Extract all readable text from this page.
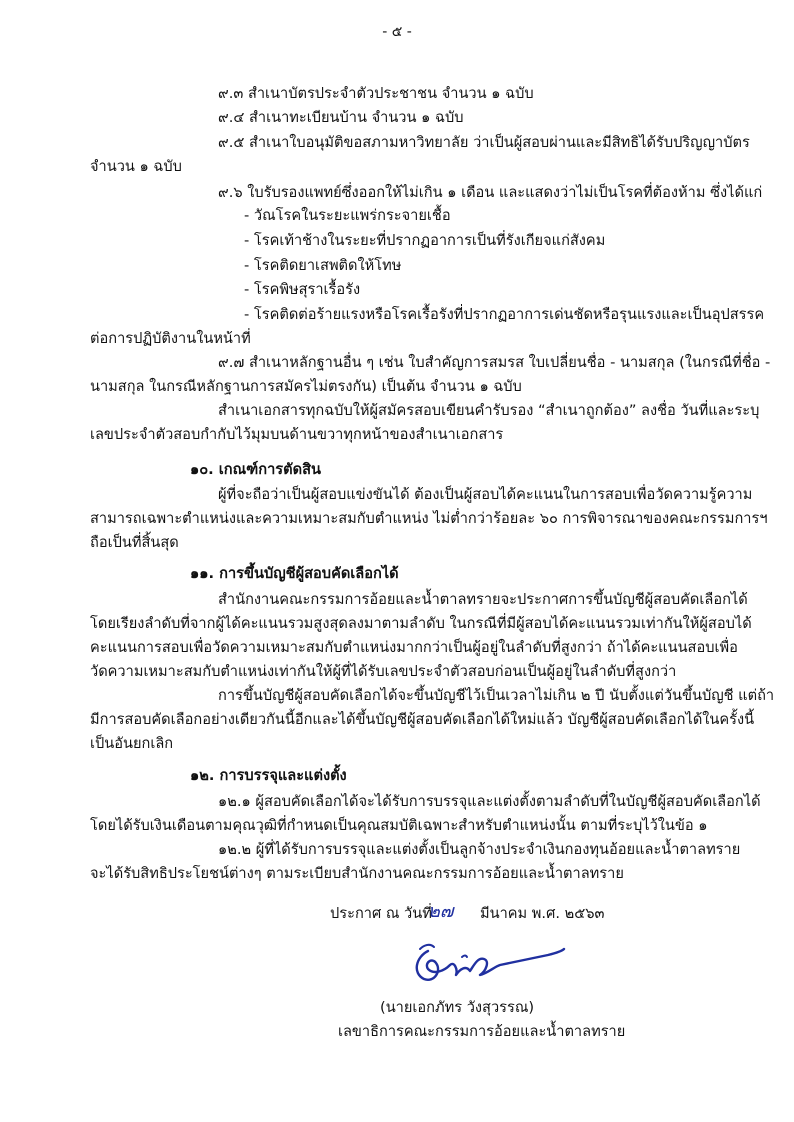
- ๕ -
๙.๓ สำเนาบัตรประจำตัวประชาชน จำนวน ๑ ฉบับ
๙.๔ สำเนาทะเบียนบ้าน จำนวน ๑ ฉบับ
๙.๕ สำเนาใบอนุมัติขอสภามหาวิทยาลัย ว่าเป็นผู้สอบผ่านและมีสิทธิได้รับปริญญาบัตร
จำนวน ๑ ฉบับ
๙.๖ ใบรับรองแพทย์ซึ่งออกให้ไม่เกิน ๑ เดือน และแสดงว่าไม่เป็นโรคที่ต้องห้าม ซึ่งได้แก่
- วัณโรคในระยะแพร่กระจายเชื้อ
- โรคเท้าช้างในระยะที่ปรากฏอาการเป็นที่รังเกียจแก่สังคม
- โรคติดยาเสพติดให้โทษ
- โรคพิษสุราเรื้อรัง
- โรคติดต่อร้ายแรงหรือโรคเรื้อรังที่ปรากฏอาการเด่นชัดหรือรุนแรงและเป็นอุปสรรค
ต่อการปฏิบัติงานในหน้าที่
๙.๗ สำเนาหลักฐานอื่น ๆ เช่น ใบสำคัญการสมรส ใบเปลี่ยนชื่อ - นามสกุล (ในกรณีที่ชื่อ -
นามสกุล ในกรณีหลักฐานการสมัครไม่ตรงกัน) เป็นต้น จำนวน ๑ ฉบับ
สำเนาเอกสารทุกฉบับให้ผู้สมัครสอบเขียนคำรับรอง “สำเนาถูกต้อง” ลงชื่อ วันที่และระบุ
เลขประจำตัวสอบกำกับไว้มุมบนด้านขวาทุกหน้าของสำเนาเอกสาร
๑๐. เกณฑ์การตัดสิน
ผู้ที่จะถือว่าเป็นผู้สอบแข่งขันได้ ต้องเป็นผู้สอบได้คะแนนในการสอบเพื่อวัดความรู้ความ
สามารถเฉพาะตำแหน่งและความเหมาะสมกับตำแหน่ง ไม่ต่ำกว่าร้อยละ ๖๐ การพิจารณาของคณะกรรมการฯ
ถือเป็นที่สิ้นสุด
๑๑. การขึ้นบัญชีผู้สอบคัดเลือกได้
สำนักงานคณะกรรมการอ้อยและน้ำตาลทรายจะประกาศการขึ้นบัญชีผู้สอบคัดเลือกได้
โดยเรียงลำดับที่จากผู้ได้คะแนนรวมสูงสุดลงมาตามลำดับ ในกรณีที่มีผู้สอบได้คะแนนรวมเท่ากันให้ผู้สอบได้
คะแนนการสอบเพื่อวัดความเหมาะสมกับตำแหน่งมากกว่าเป็นผู้อยู่ในลำดับที่สูงกว่า ถ้าได้คะแนนสอบเพื่อ
วัดความเหมาะสมกับตำแหน่งเท่ากันให้ผู้ที่ได้รับเลขประจำตัวสอบก่อนเป็นผู้อยู่ในลำดับที่สูงกว่า
การขึ้นบัญชีผู้สอบคัดเลือกได้จะขึ้นบัญชีไว้เป็นเวลาไม่เกิน ๒ ปี นับตั้งแต่วันขึ้นบัญชี แต่ถ้า
มีการสอบคัดเลือกอย่างเดียวกันนี้อีกและได้ขึ้นบัญชีผู้สอบคัดเลือกได้ใหม่แล้ว บัญชีผู้สอบคัดเลือกได้ในครั้งนี้
เป็นอันยกเลิก
๑๒. การบรรจุและแต่งตั้ง
๑๒.๑ ผู้สอบคัดเลือกได้จะได้รับการบรรจุและแต่งตั้งตามลำดับที่ในบัญชีผู้สอบคัดเลือกได้
โดยได้รับเงินเดือนตามคุณวุฒิที่กำหนดเป็นคุณสมบัติเฉพาะสำหรับตำแหน่งนั้น ตามที่ระบุไว้ในข้อ ๑
๑๒.๒ ผู้ที่ได้รับการบรรจุและแต่งตั้งเป็นลูกจ้างประจำเงินกองทุนอ้อยและน้ำตาลทราย
จะได้รับสิทธิประโยชน์ต่างๆ ตามระเบียบสำนักงานคณะกรรมการอ้อยและน้ำตาลทราย
ประกาศ ณ วันที่
๒๗ มีนาคม พ.ศ. ๒๕๖๓
(นายเอกภัทร วังสุวรรณ)
เลขาธิการคณะกรรมการอ้อยและน้ำตาลทราย
